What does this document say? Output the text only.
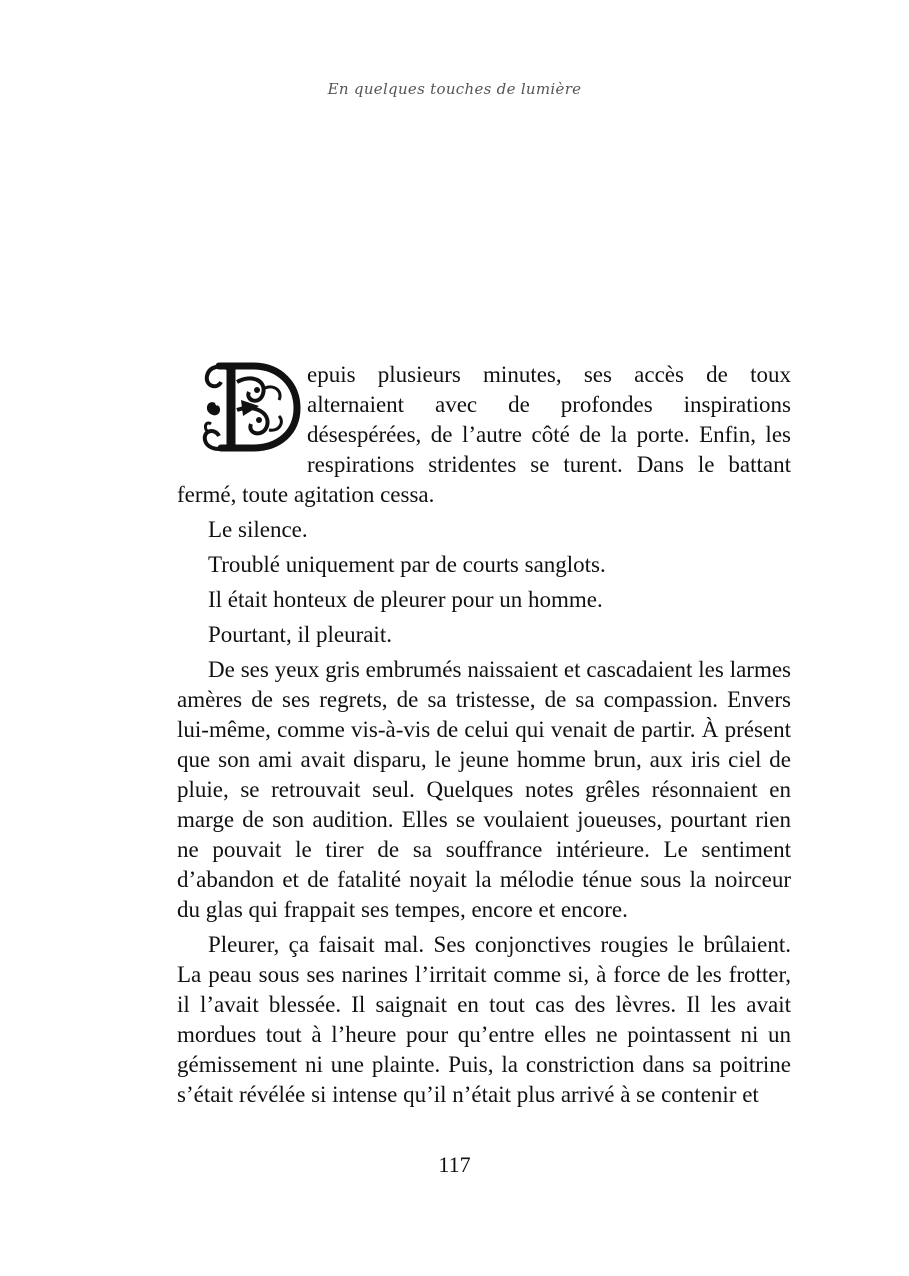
En quelques touches de lumière

epuis plusieurs minutes, ses accès de toux alternaient avec de profondes inspirations désespérées, de l’autre côté de la porte. Enfin, les respirations stridentes se turent. Dans le battant fermé, toute agitation cessa.

Le silence.

Troublé uniquement par de courts sanglots.

Il était honteux de pleurer pour un homme.

Pourtant, il pleurait.

De ses yeux gris embrumés naissaient et cascadaient les larmes amères de ses regrets, de sa tristesse, de sa compassion. Envers lui-même, comme vis-à-vis de celui qui venait de partir. À présent que son ami avait disparu, le jeune homme brun, aux iris ciel de pluie, se retrouvait seul. Quelques notes grêles résonnaient en marge de son audition. Elles se voulaient joueuses, pourtant rien ne pouvait le tirer de sa souffrance intérieure. Le sentiment d’abandon et de fatalité noyait la mélodie ténue sous la noirceur du glas qui frappait ses tempes, encore et encore.

Pleurer, ça faisait mal. Ses conjonctives rougies le brûlaient. La peau sous ses narines l’irritait comme si, à force de les frotter, il l’avait blessée. Il saignait en tout cas des lèvres. Il les avait mordues tout à l’heure pour qu’entre elles ne pointassent ni un gémissement ni une plainte. Puis, la constriction dans sa poitrine s’était révélée si intense qu’il n’était plus arrivé à se contenir et

117
